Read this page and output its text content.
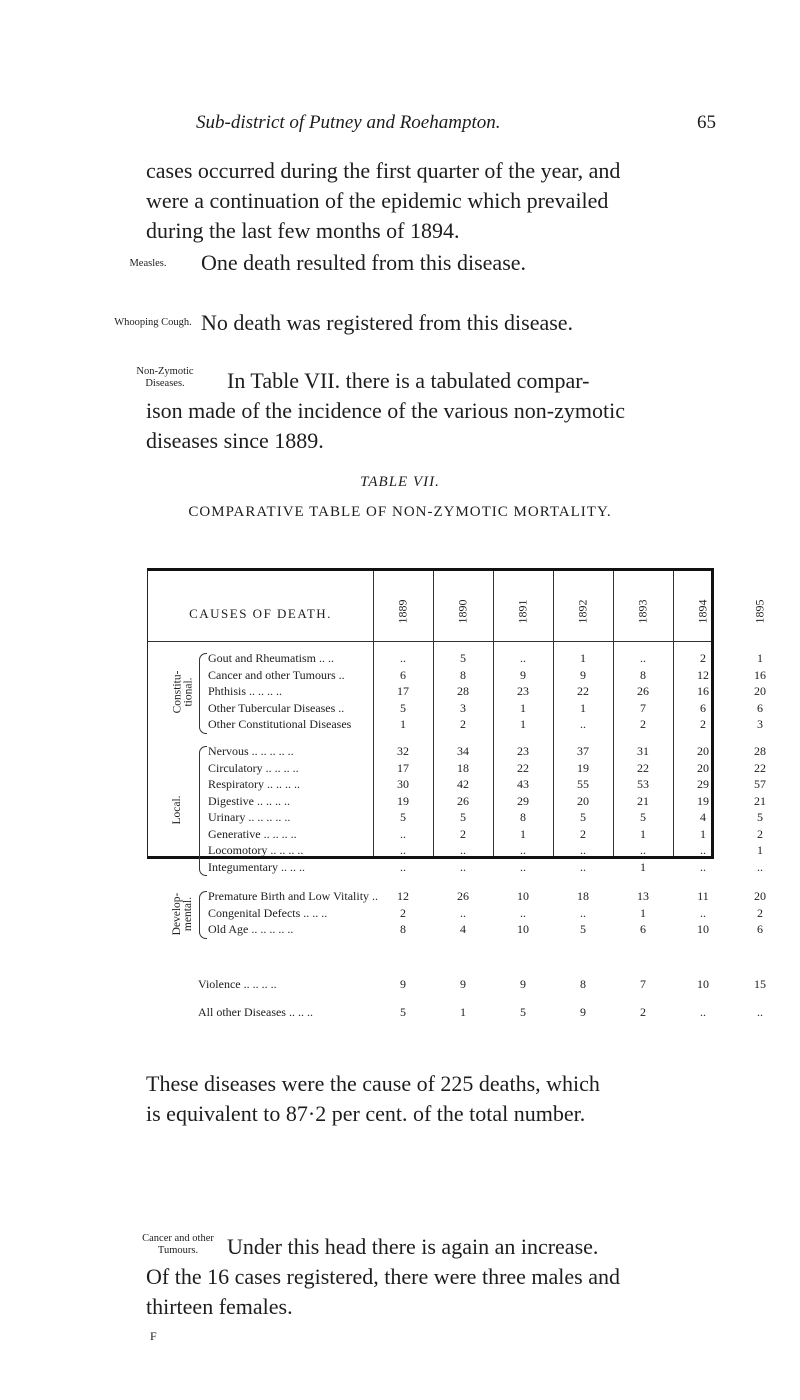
Sub-district of Putney and Roehampton.	65

cases occurred during the first quarter of the year, and
were a continuation of the epidemic which prevailed
during the last few months of 1894.

Measles.	One death resulted from this disease.
Whooping Cough. No death was registered from this disease.
Non-Zymotic
Diseases.	In Table VII. there is a tabulated compar-

ison made of the incidence of the various non-zymotic
diseases since 1889.

TABLE VII.
COMPARATIVE TABLE OF NON-ZYMOTIC MORTALITY.
CAUSES OF DEATH.	1889	1890	1891	1892	1893	1894	1895
Gout and Rheumatism .. ..	..	5	..	1	..	2	1
Cancer and other Tumours ..	6	8	9	9	8	12	16
Phthisis .. .. .. ..	17	28	23	22	26	16	20
Other Tubercular Diseases ..	5	3	1	1	7	6	6
Other Constitutional Diseases	1	2	1	..	2	2	3
Constitu-
tional.
Nervous .. .. .. .. ..	32	34	23	37	31	20	28
Circulatory .. .. .. ..	17	18	22	19	22	20	22
Respiratory .. .. .. ..	30	42	43	55	53	29	57
Digestive .. .. .. ..	19	26	29	20	21	19	21
Urinary .. .. .. .. ..	5	5	8	5	5	4	5
Generative .. .. .. ..	..	2	1	2	1	1	2
Locomotory .. .. .. ..	..	..	..	..	..	..	1
Integumentary .. .. ..	..	..	..	..	1	..	..
Local.
Premature Birth and Low Vitality ..	12	26	10	18	13	11	20
Congenital Defects .. .. ..	2	..	..	..	1	..	2
Old Age .. .. .. .. ..	8	4	10	5	6	10	6
Develop-
mental.
Violence .. .. .. ..	9	9	9	8	7	10	15
All other Diseases .. .. ..	5	1	5	9	2	..	..
These diseases were the cause of 225 deaths, which
is equivalent to 87·2 per cent. of the total number.
Cancer and other
Tumours.	Under this head there is again an increase.

Of the 16 cases registered, there were three males and
thirteen females.

F
